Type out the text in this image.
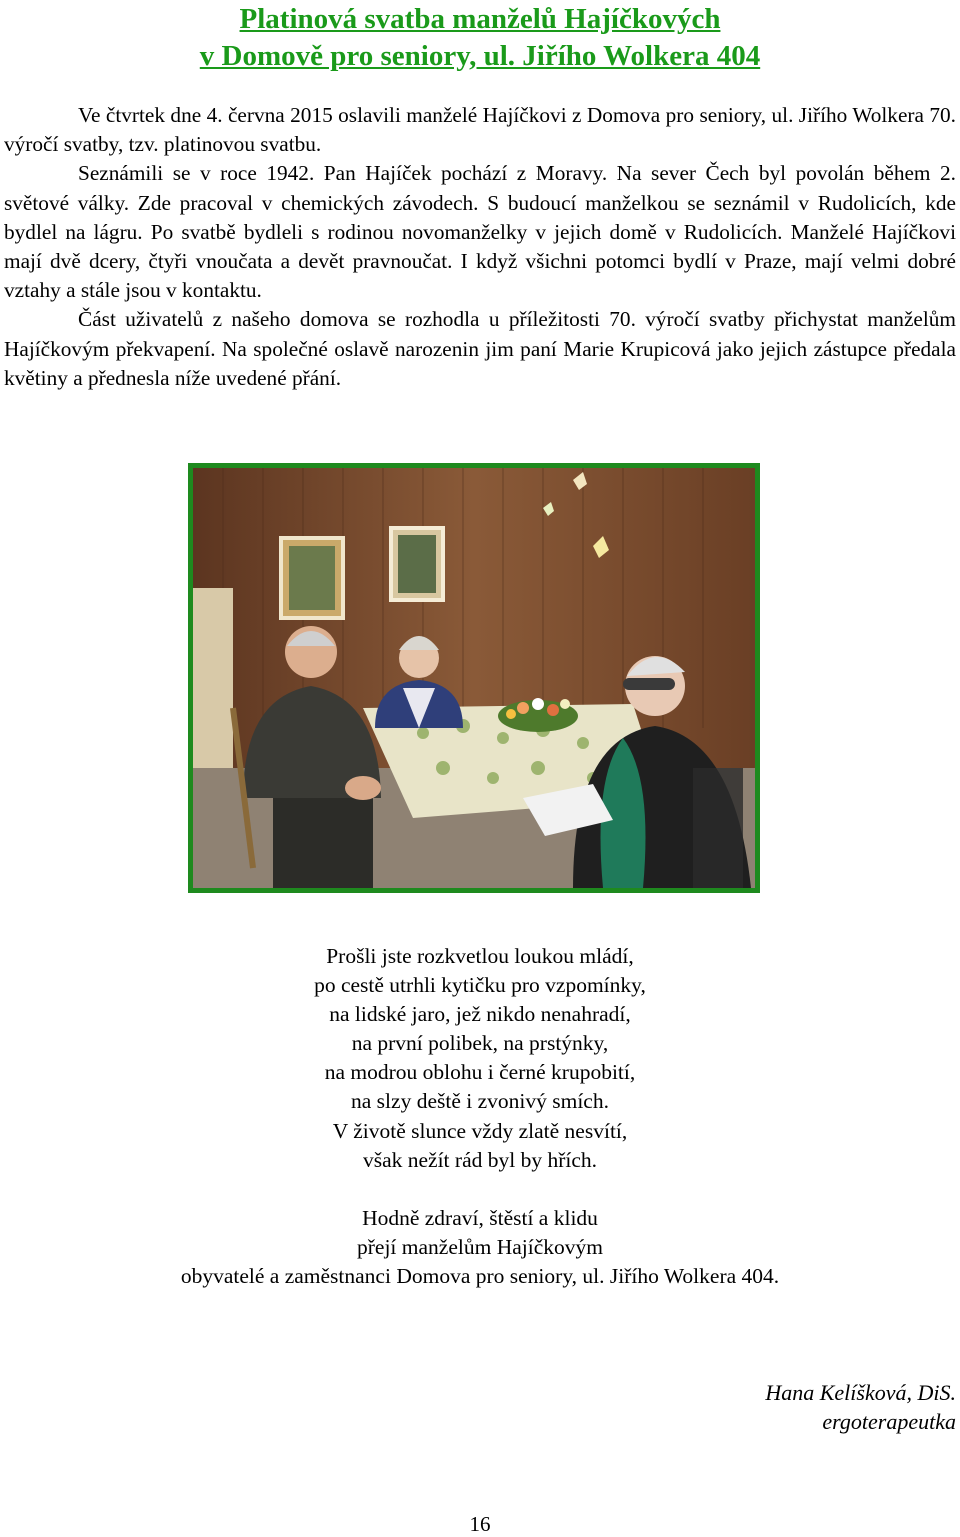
Platinová svatba manželů Hajíčkových
v Domově pro seniory, ul. Jiřího Wolkera 404

Ve čtvrtek dne 4. června 2015 oslavili manželé Hajíčkovi z Domova pro seniory, ul. Jiřího Wolkera 70. výročí svatby, tzv. platinovou svatbu.

Seznámili se v roce 1942. Pan Hajíček pochází z Moravy. Na sever Čech byl povolán během 2. světové války. Zde pracoval v chemických závodech. S budoucí manželkou se seznámil v Rudolicích, kde bydlel na lágru. Po svatbě bydleli s rodinou novomanželky v jejich domě v Rudolicích. Manželé Hajíčkovi mají dvě dcery, čtyři vnoučata a devět pravnoučat. I když všichni potomci bydlí v Praze, mají velmi dobré vztahy a stále jsou v kontaktu.

Část uživatelů z našeho domova se rozhodla u příležitosti 70. výročí svatby přichystat manželům Hajíčkovým překvapení. Na společné oslavě narozenin jim paní Marie Krupicová jako jejich zástupce předala květiny a přednesla níže uvedené přání.

Prošli jste rozkvetlou loukou mládí,
po cestě utrhli kytičku pro vzpomínky,
na lidské jaro, jež nikdo nenahradí,
na první polibek, na prstýnky,
na modrou oblohu i černé krupobití,
na slzy deště i zvonivý smích.
V životě slunce vždy zlatě nesvítí,
však nežít rád byl by hřích.
Hodně zdraví, štěstí a klidu
přejí manželům Hajíčkovým
obyvatelé a zaměstnanci Domova pro seniory, ul. Jiřího Wolkera 404.
Hana Kelíšková, DiS.
ergoterapeutka
16
